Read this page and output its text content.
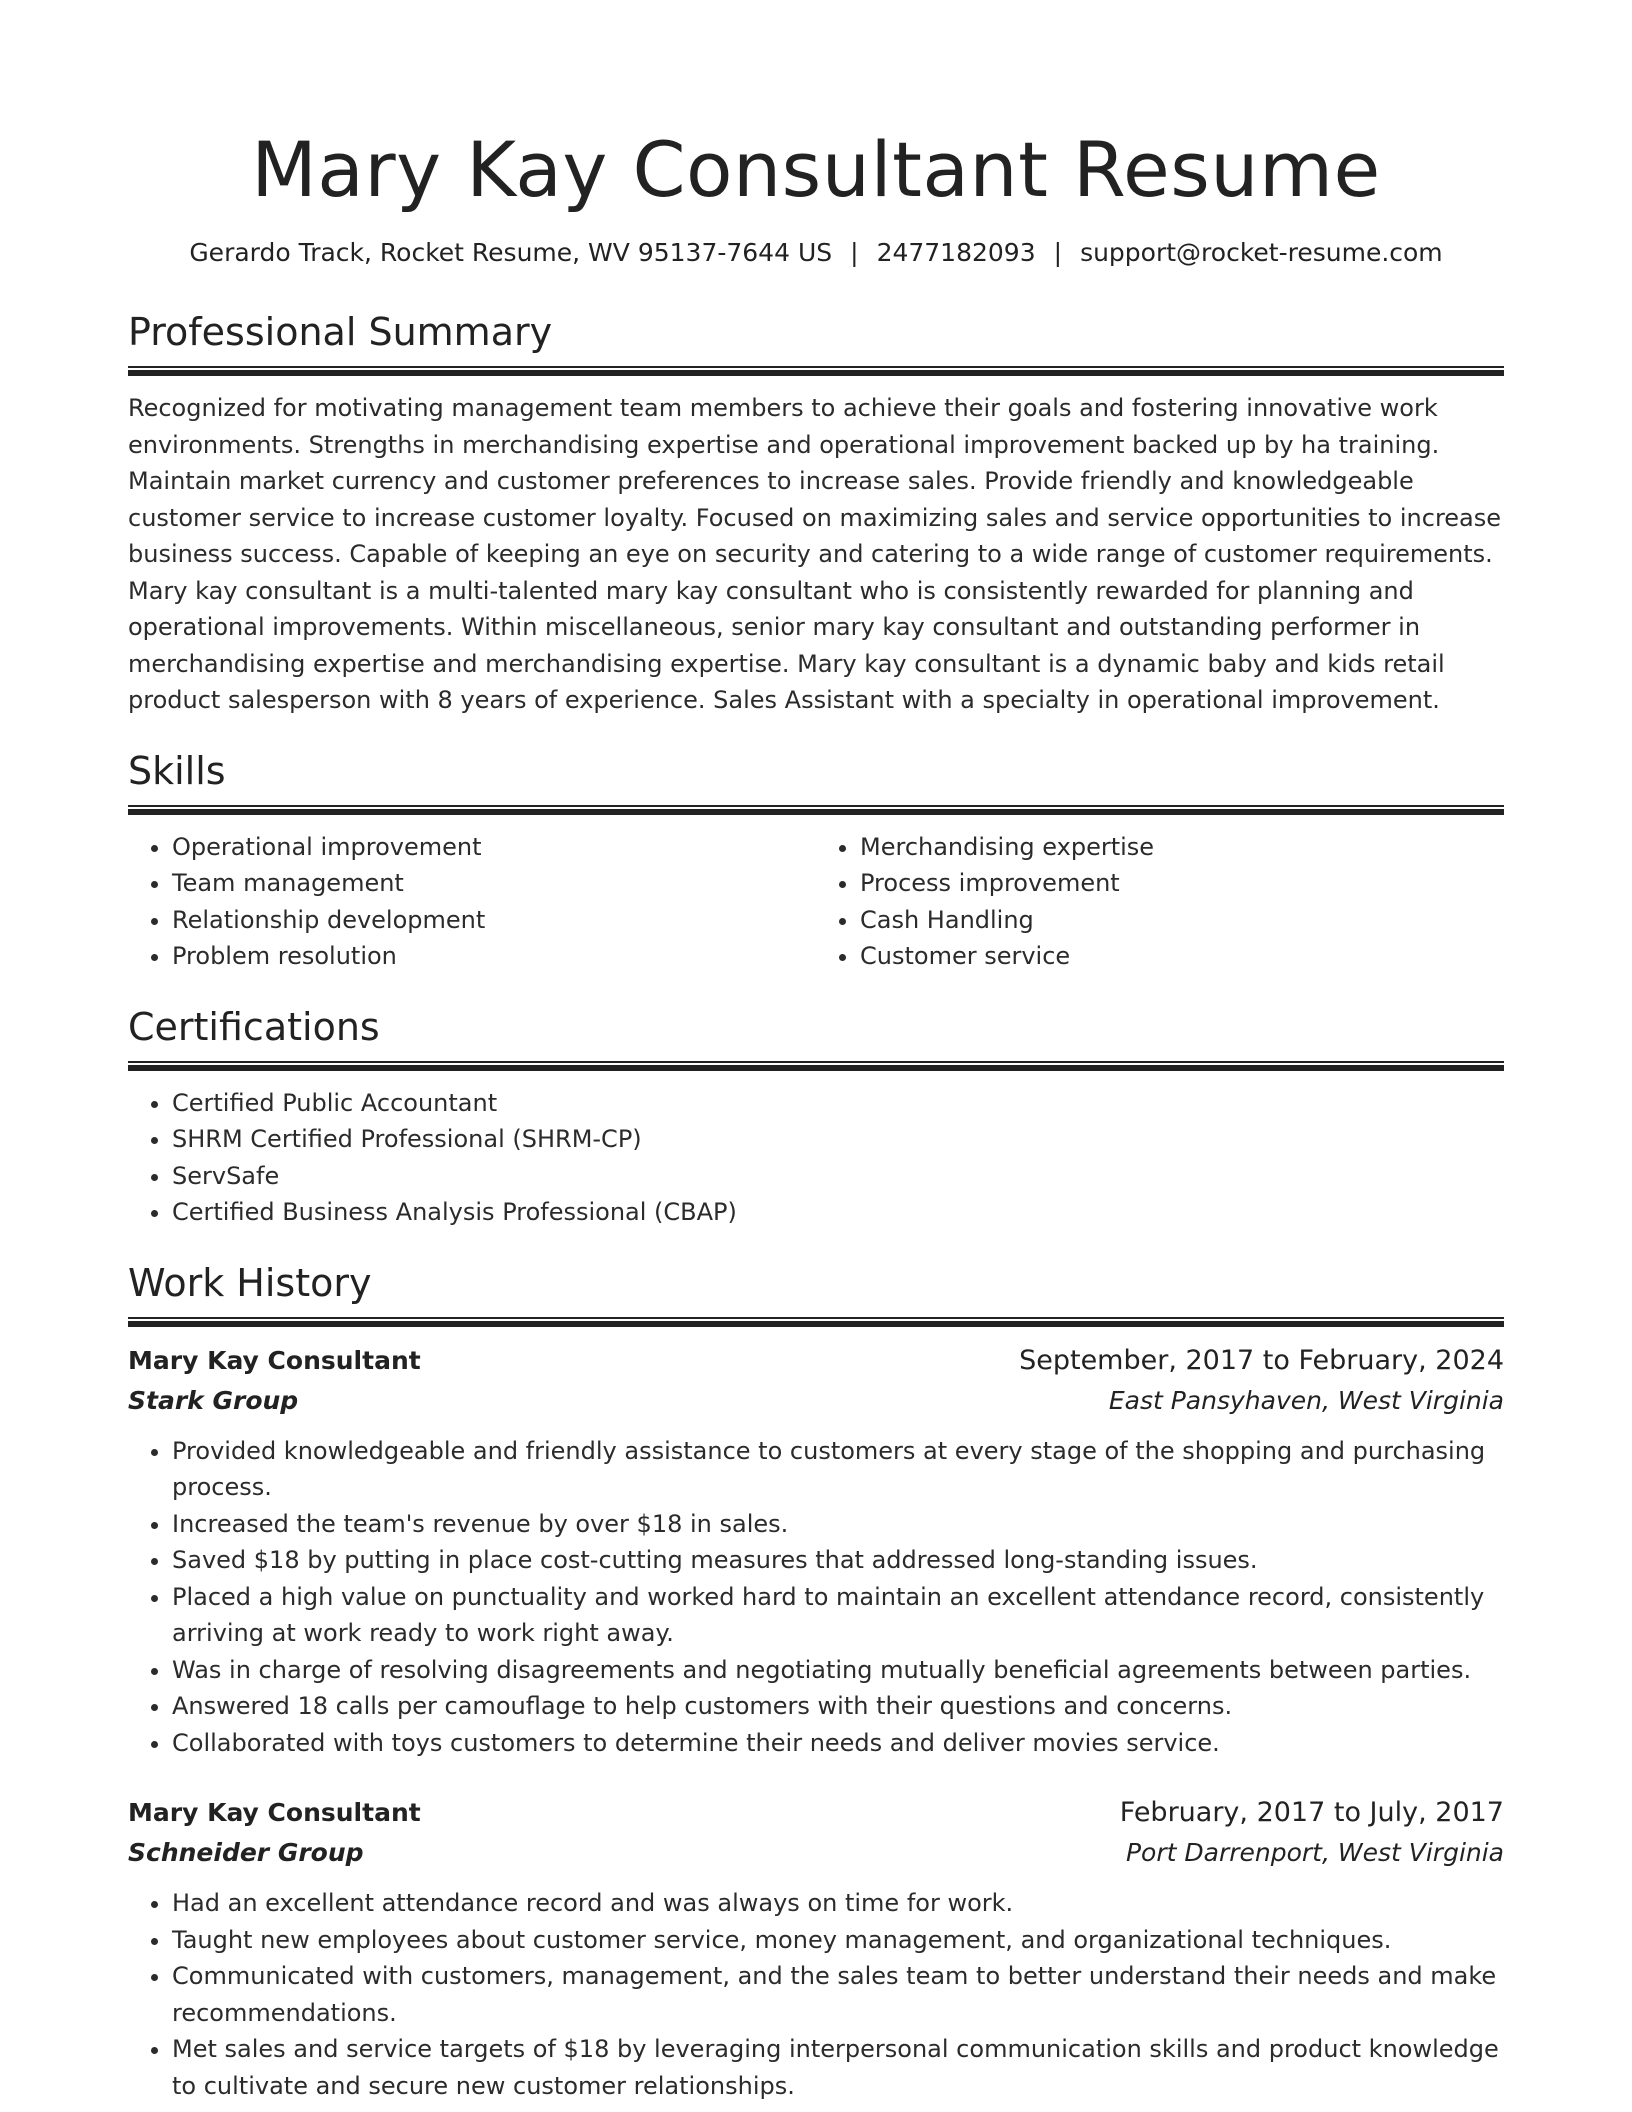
Mary Kay Consultant Resume
Gerardo Track, Rocket Resume, WV 95137-7644 US | 2477182093 | support@rocket-resume.com
Professional Summary

Recognized for motivating management team members to achieve their goals and fostering innovative work environments. Strengths in merchandising expertise and operational improvement backed up by ha training. Maintain market currency and customer preferences to increase sales. Provide friendly and knowledgeable customer service to increase customer loyalty. Focused on maximizing sales and service opportunities to increase business success. Capable of keeping an eye on security and catering to a wide range of customer requirements. Mary kay consultant is a multi-talented mary kay consultant who is consistently rewarded for planning and operational improvements. Within miscellaneous, senior mary kay consultant and outstanding performer in merchandising expertise and merchandising expertise. Mary kay consultant is a dynamic baby and kids retail product salesperson with 8 years of experience. Sales Assistant with a specialty in operational improvement.

Skills
• Operational improvement
• Team management
• Relationship development
• Problem resolution
• Merchandising expertise
• Process improvement
• Cash Handling
• Customer service
Certifications
• Certified Public Accountant
• SHRM Certified Professional (SHRM-CP)
• ServSafe
• Certified Business Analysis Professional (CBAP)
Work History
Mary Kay Consultant	September, 2017 to February, 2024
Stark Group	East Pansyhaven, West Virginia
• Provided knowledgeable and friendly assistance to customers at every stage of the shopping and purchasing process.
• Increased the team's revenue by over $18 in sales.
• Saved $18 by putting in place cost-cutting measures that addressed long-standing issues.
• Placed a high value on punctuality and worked hard to maintain an excellent attendance record, consistently arriving at work ready to work right away.
• Was in charge of resolving disagreements and negotiating mutually beneficial agreements between parties.
• Answered 18 calls per camouflage to help customers with their questions and concerns.
• Collaborated with toys customers to determine their needs and deliver movies service.
Mary Kay Consultant	February, 2017 to July, 2017
Schneider Group	Port Darrenport, West Virginia
• Had an excellent attendance record and was always on time for work.
• Taught new employees about customer service, money management, and organizational techniques.
• Communicated with customers, management, and the sales team to better understand their needs and make recommendations.
• Met sales and service targets of $18 by leveraging interpersonal communication skills and product knowledge to cultivate and secure new customer relationships.
